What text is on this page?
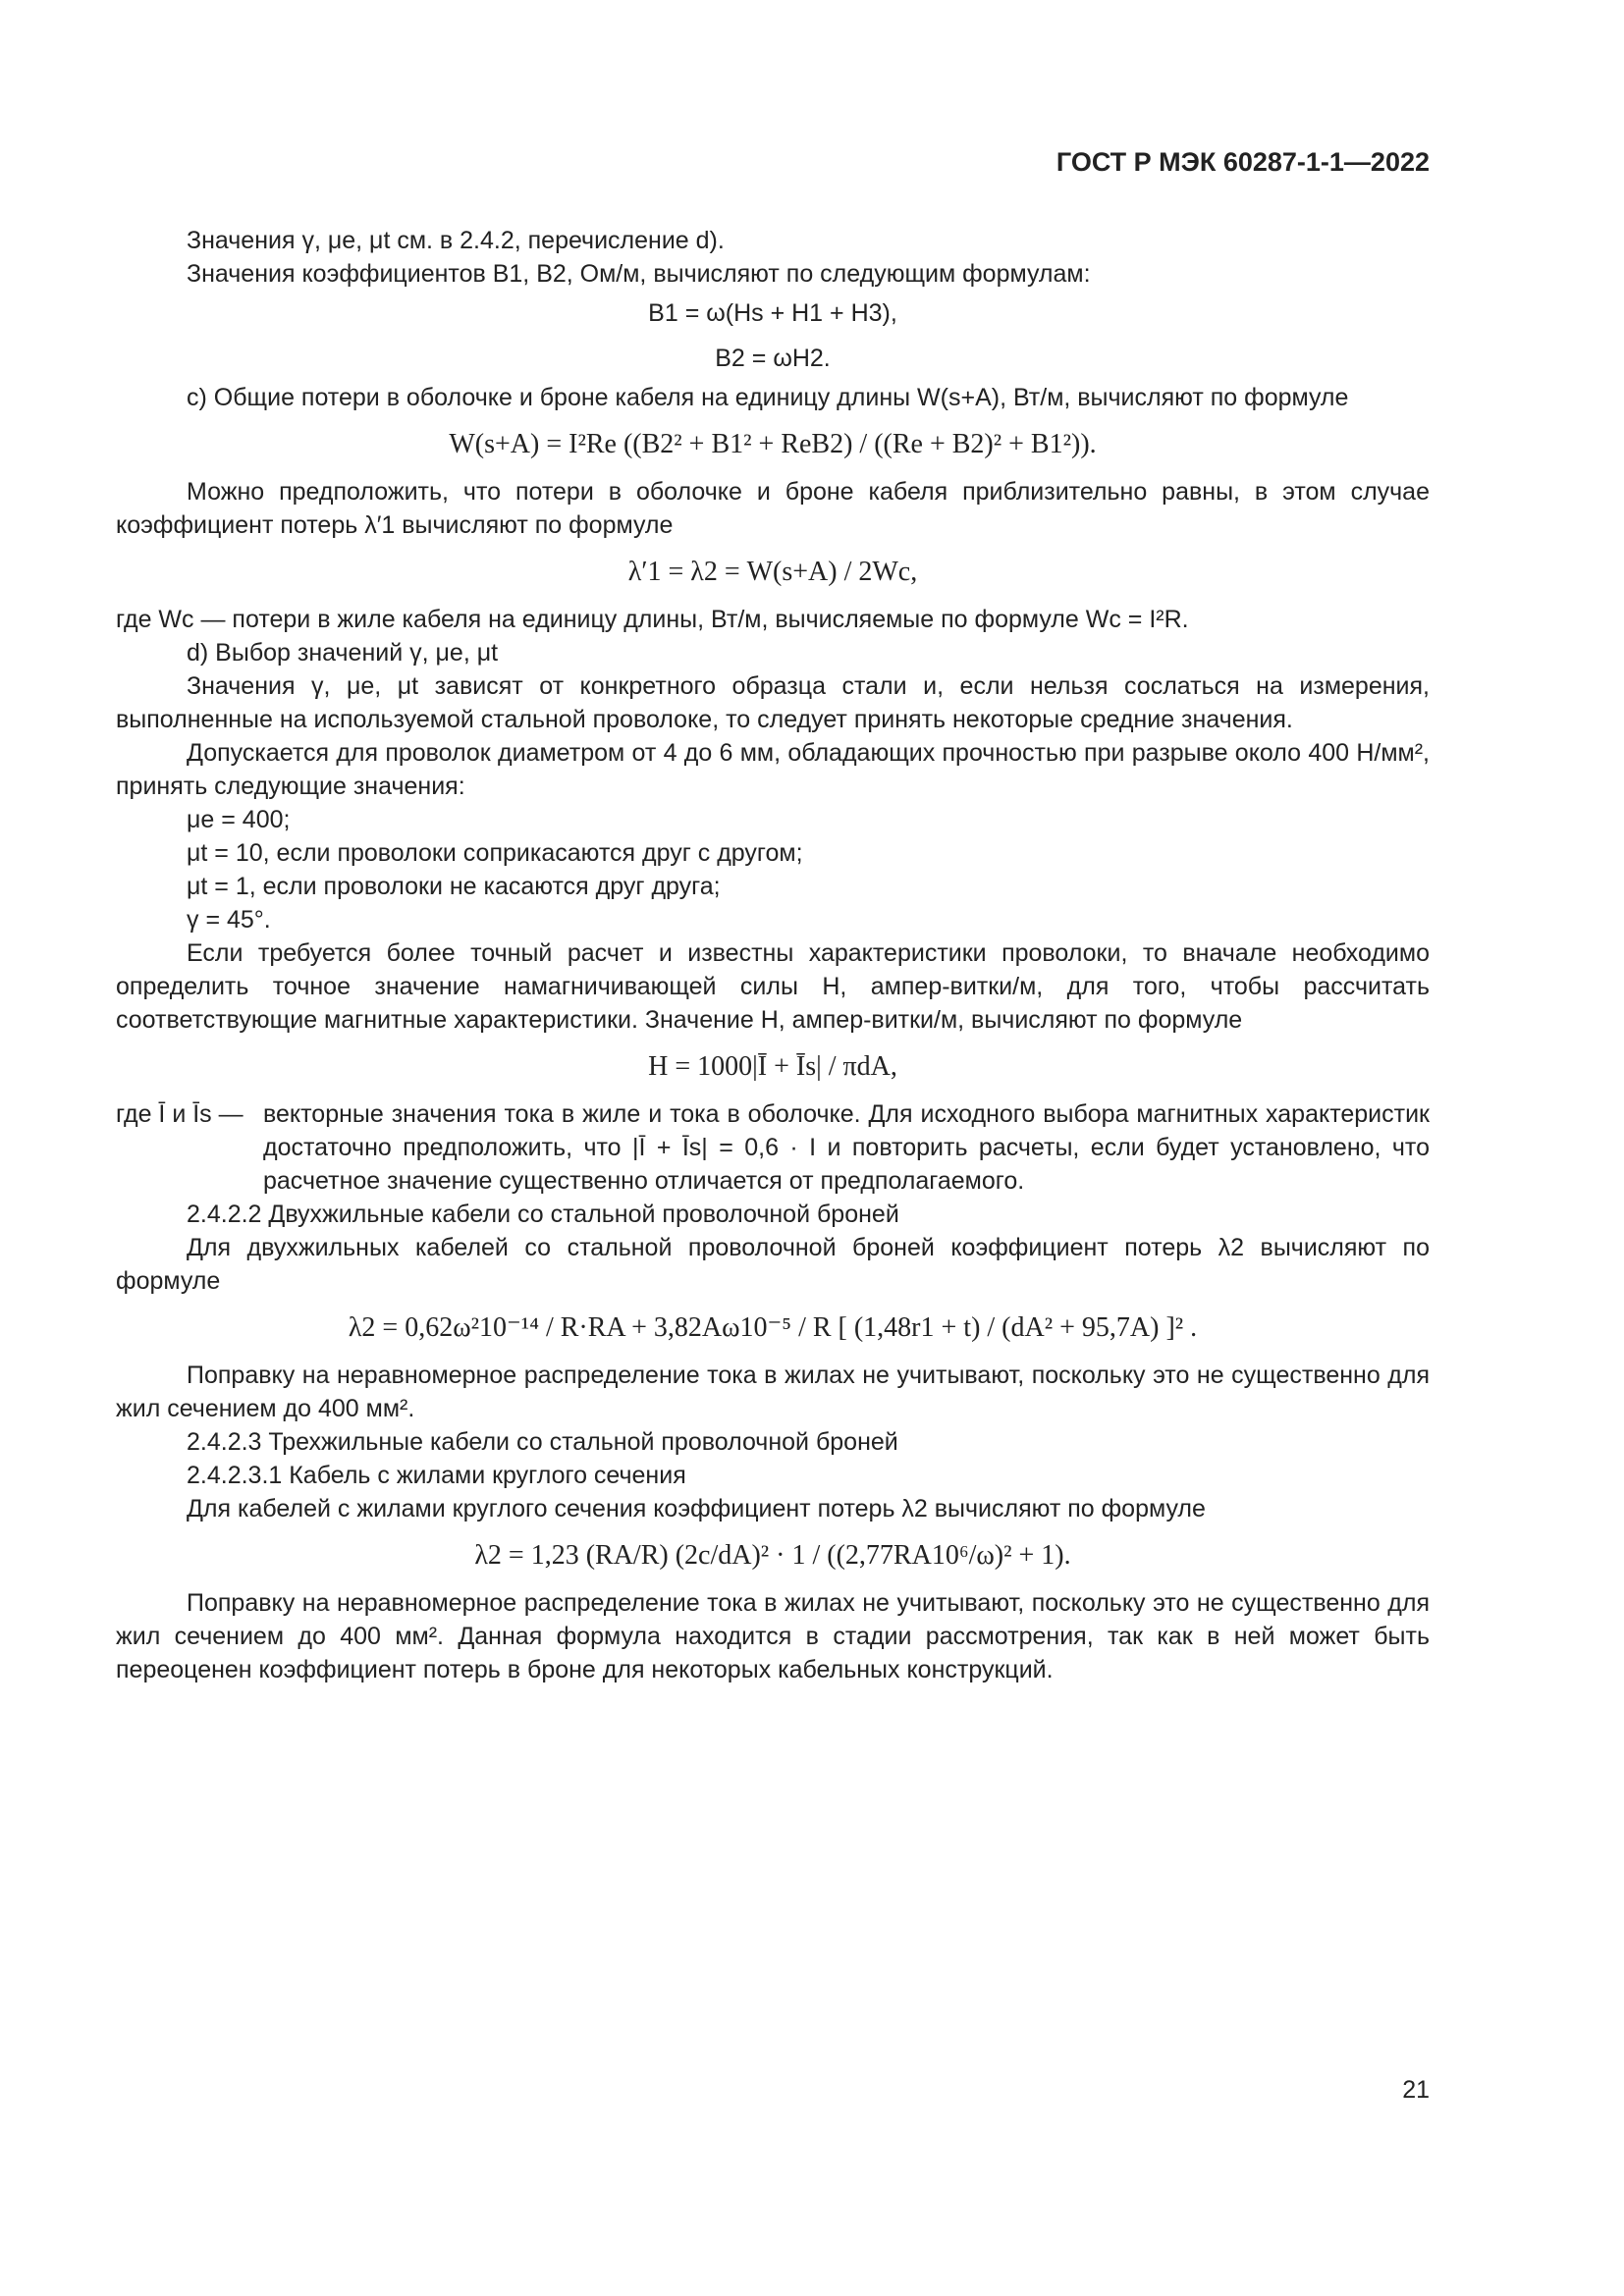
ГОСТ Р МЭК 60287-1-1—2022

Значения γ, μe, μt см. в 2.4.2, перечисление d).

Значения коэффициентов B1, B2, Ом/м, вычисляют по следующим формулам:

B1 = ω(Hs + H1 + H3),

B2 = ωH2.

c) Общие потери в оболочке и броне кабеля на единицу длины W(s+A), Вт/м, вычисляют по формуле

W(s+A) = I²Re ((B2² + B1² + ReB2) / ((Re + B2)² + B1²)).

Можно предположить, что потери в оболочке и броне кабеля приблизительно равны, в этом случае коэффициент потерь λ′1 вычисляют по формуле

λ′1 = λ2 = W(s+A) / 2Wc,

где Wc — потери в жиле кабеля на единицу длины, Вт/м, вычисляемые по формуле Wc = I²R.

d) Выбор значений γ, μe, μt

Значения γ, μe, μt зависят от конкретного образца стали и, если нельзя сослаться на измерения, выполненные на используемой стальной проволоке, то следует принять некоторые средние значения.

Допускается для проволок диаметром от 4 до 6 мм, обладающих прочностью при разрыве около 400 Н/мм², принять следующие значения:

μe = 400;

μt = 10, если проволоки соприкасаются друг с другом;

μt = 1, если проволоки не касаются друг друга;

γ = 45°.

Если требуется более точный расчет и известны характеристики проволоки, то вначале необходимо определить точное значение намагничивающей силы H, ампер-витки/м, для того, чтобы рассчитать соответствующие магнитные характеристики. Значение H, ампер-витки/м, вычисляют по формуле

H = 1000|Ī + Īs| / πdA,

где Ī и Īs — векторные значения тока в жиле и тока в оболочке. Для исходного выбора магнитных характеристик достаточно предположить, что |Ī + Īs| = 0,6 · I и повторить расчеты, если будет установлено, что расчетное значение существенно отличается от предполагаемого.

2.4.2.2 Двухжильные кабели со стальной проволочной броней

Для двухжильных кабелей со стальной проволочной броней коэффициент потерь λ2 вычисляют по формуле

λ2 = 0,62ω²10⁻¹⁴ / R·RA + 3,82Aω10⁻⁵ / R [ (1,48r1 + t) / (dA² + 95,7A) ]² .

Поправку на неравномерное распределение тока в жилах не учитывают, поскольку это не существенно для жил сечением до 400 мм².

2.4.2.3 Трехжильные кабели со стальной проволочной броней

2.4.2.3.1 Кабель с жилами круглого сечения

Для кабелей с жилами круглого сечения коэффициент потерь λ2 вычисляют по формуле

λ2 = 1,23 (RA/R) (2c/dA)² · 1 / ((2,77RA10⁶/ω)² + 1).

Поправку на неравномерное распределение тока в жилах не учитывают, поскольку это не существенно для жил сечением до 400 мм². Данная формула находится в стадии рассмотрения, так как в ней может быть переоценен коэффициент потерь в броне для некоторых кабельных конструкций.

21
